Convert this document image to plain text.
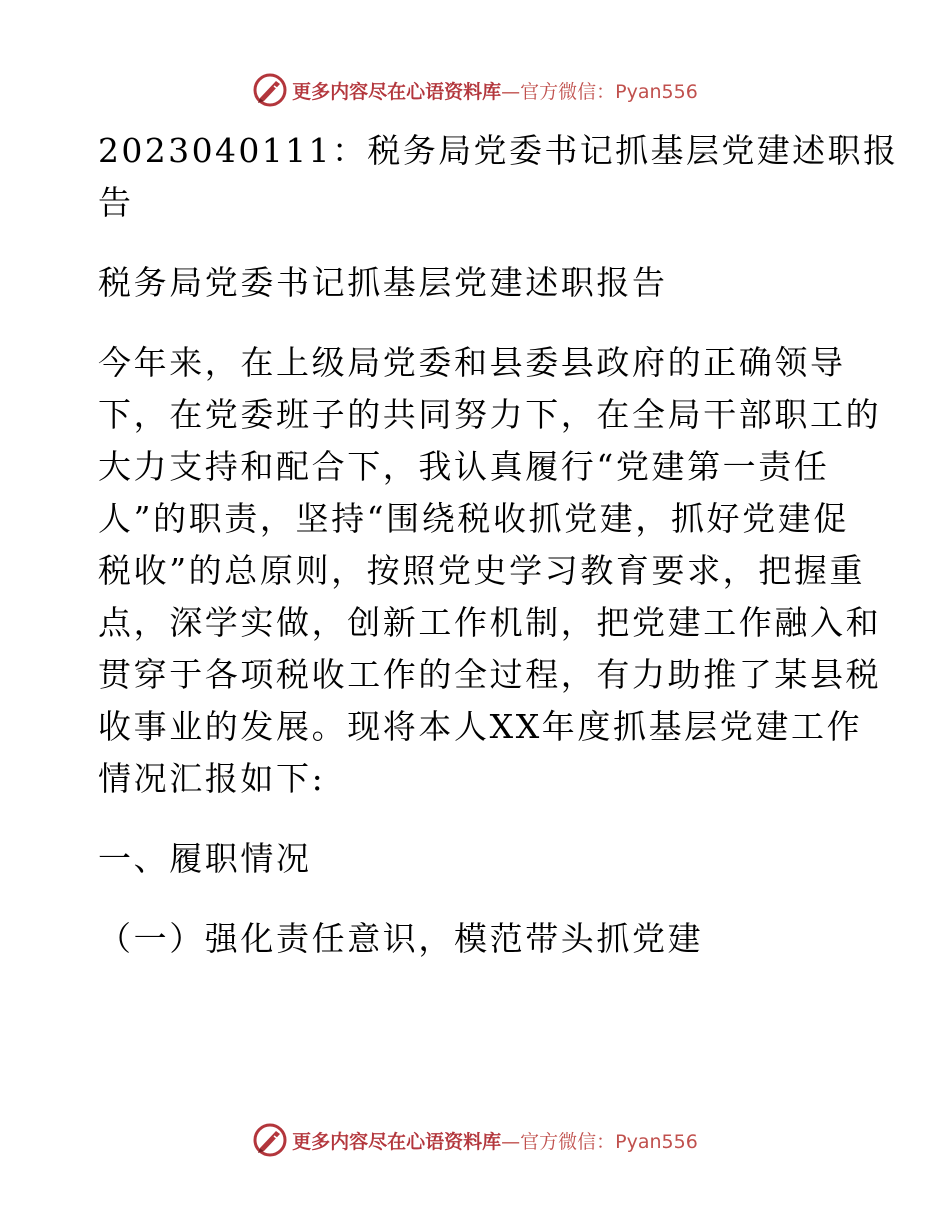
更多内容尽在心语资料库 —官方微信：Pyan556
2023040111：税务局党委书记抓基层党建述职报
告
税务局党委书记抓基层党建述职报告
今年来，在上级局党委和县委县政府的正确领导
下，在党委班子的共同努力下，在全局干部职工的
大力支持和配合下，我认真履行“党建第一责任
人”的职责，坚持“围绕税收抓党建，抓好党建促
税收”的总原则，按照党史学习教育要求，把握重
点，深学实做，创新工作机制，把党建工作融入和
贯穿于各项税收工作的全过程，有力助推了某县税
收事业的发展。现将本人XX年度抓基层党建工作
情况汇报如下:
一、履职情况
（一）强化责任意识，模范带头抓党建
更多内容尽在心语资料库 —官方微信：Pyan556
